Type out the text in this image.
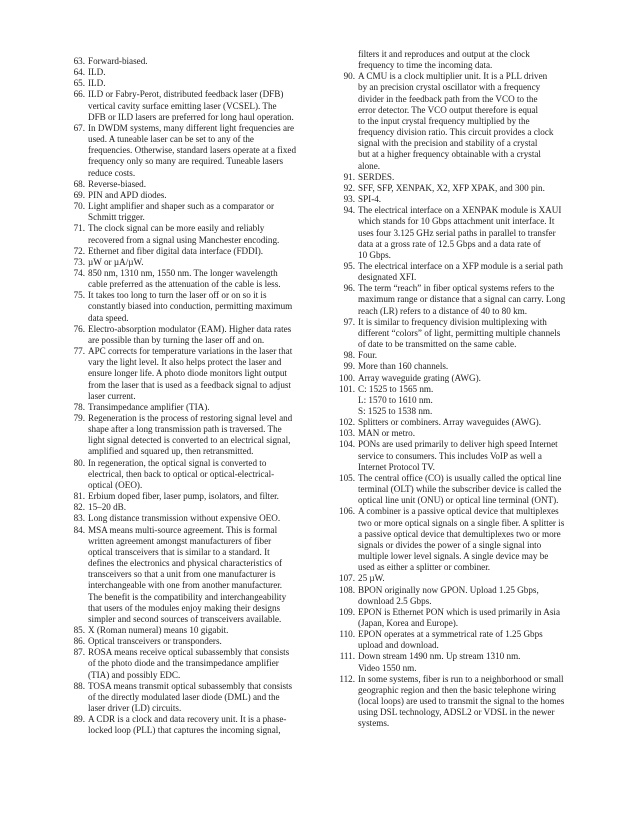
63. Forward-biased.
64. ILD.
65. ILD.
66. ILD or Fabry-Perot, distributed feedback laser (DFB)
vertical cavity surface emitting laser (VCSEL). The
DFB or ILD lasers are preferred for long haul operation.
67. In DWDM systems, many different light frequencies are
used. A tuneable laser can be set to any of the
frequencies. Otherwise, standard lasers operate at a fixed
frequency only so many are required. Tuneable lasers
reduce costs.
68. Reverse-biased.
69. PIN and APD diodes.
70. Light amplifier and shaper such as a comparator or
Schmitt trigger.
71. The clock signal can be more easily and reliably
recovered from a signal using Manchester encoding.
72. Ethernet and fiber digital data interface (FDDI).
73. µW or µA/µW.
74. 850 nm, 1310 nm, 1550 nm. The longer wavelength
cable preferred as the attenuation of the cable is less.
75. It takes too long to turn the laser off or on so it is
constantly biased into conduction, permitting maximum
data speed.
76. Electro-absorption modulator (EAM). Higher data rates
are possible than by turning the laser off and on.
77. APC corrects for temperature variations in the laser that
vary the light level. It also helps protect the laser and
ensure longer life. A photo diode monitors light output
from the laser that is used as a feedback signal to adjust
laser current.
78. Transimpedance amplifier (TIA).
79. Regeneration is the process of restoring signal level and
shape after a long transmission path is traversed. The
light signal detected is converted to an electrical signal,
amplified and squared up, then retransmitted.
80. In regeneration, the optical signal is converted to
electrical, then back to optical or optical-electrical-
optical (OEO).
81. Erbium doped fiber, laser pump, isolators, and filter.
82. 15–20 dB.
83. Long distance transmission without expensive OEO.
84. MSA means multi-source agreement. This is formal
written agreement amongst manufacturers of fiber
optical transceivers that is similar to a standard. It
defines the electronics and physical characteristics of
transceivers so that a unit from one manufacturer is
interchangeable with one from another manufacturer.
The benefit is the compatibility and interchangeability
that users of the modules enjoy making their designs
simpler and second sources of transceivers available.
85. X (Roman numeral) means 10 gigabit.
86. Optical transceivers or transponders.
87. ROSA means receive optical subassembly that consists
of the photo diode and the transimpedance amplifier
(TIA) and possibly EDC.
88. TOSA means transmit optical subassembly that consists
of the directly modulated laser diode (DML) and the
laser driver (LD) circuits.
89. A CDR is a clock and data recovery unit. It is a phase-
locked loop (PLL) that captures the incoming signal,
filters it and reproduces and output at the clock
frequency to time the incoming data.
90. A CMU is a clock multiplier unit. It is a PLL driven
by an precision crystal oscillator with a frequency
divider in the feedback path from the VCO to the
error detector. The VCO output therefore is equal
to the input crystal frequency multiplied by the
frequency division ratio. This circuit provides a clock
signal with the precision and stability of a crystal
but at a higher frequency obtainable with a crystal
alone.
91. SERDES.
92. SFF, SFP, XENPAK, X2, XFP XPAK, and 300 pin.
93. SPI-4.
94. The electrical interface on a XENPAK module is XAUI
which stands for 10 Gbps attachment unit interface. It
uses four 3.125 GHz serial paths in parallel to transfer
data at a gross rate of 12.5 Gbps and a data rate of
10 Gbps.
95. The electrical interface on a XFP module is a serial path
designated XFI.
96. The term “reach” in fiber optical systems refers to the
maximum range or distance that a signal can carry. Long
reach (LR) refers to a distance of 40 to 80 km.
97. It is similar to frequency division multiplexing with
different “colors” of light, permitting multiple channels
of date to be transmitted on the same cable.
98. Four.
99. More than 160 channels.
100. Array waveguide grating (AWG).
101. C: 1525 to 1565 nm.
L: 1570 to 1610 nm.
S: 1525 to 1538 nm.
102. Splitters or combiners. Array waveguides (AWG).
103. MAN or metro.
104. PONs are used primarily to deliver high speed Internet
service to consumers. This includes VoIP as well a
Internet Protocol TV.
105. The central office (CO) is usually called the optical line
terminal (OLT) while the subscriber device is called the
optical line unit (ONU) or optical line terminal (ONT).
106. A combiner is a passive optical device that multiplexes
two or more optical signals on a single fiber. A splitter is
a passive optical device that demultiplexes two or more
signals or divides the power of a single signal into
multiple lower level signals. A single device may be
used as either a splitter or combiner.
107. 25 µW.
108. BPON originally now GPON. Upload 1.25 Gbps,
download 2.5 Gbps.
109. EPON is Ethernet PON which is used primarily in Asia
(Japan, Korea and Europe).
110. EPON operates at a symmetrical rate of 1.25 Gbps
upload and download.
111. Down stream 1490 nm. Up stream 1310 nm.
Video 1550 nm.
112. In some systems, fiber is run to a neighborhood or small
geographic region and then the basic telephone wiring
(local loops) are used to transmit the signal to the homes
using DSL technology, ADSL2 or VDSL in the newer
systems.
